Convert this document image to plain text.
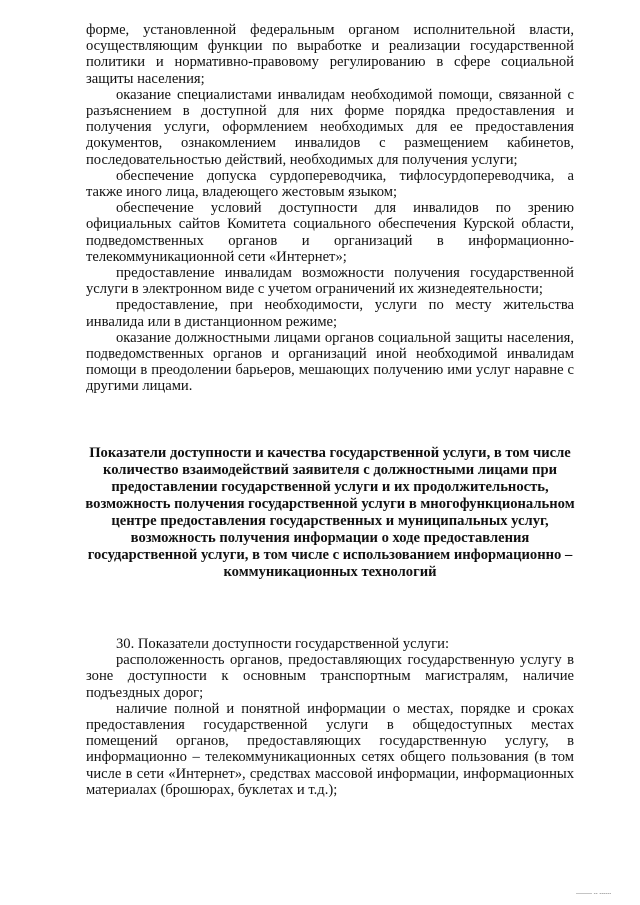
форме, установленной федеральным органом исполнительной власти, осуществляющим функции по выработке и реализации государственной политики и нормативно-правовому регулированию в сфере социальной защиты населения;

оказание специалистами инвалидам необходимой помощи, связанной с разъяснением в доступной для них форме порядка предоставления и получения услуги, оформлением необходимых для ее предоставления документов, ознакомлением инвалидов с размещением кабинетов, последовательностью действий, необходимых для получения услуги;

обеспечение допуска сурдопереводчика, тифлосурдопереводчика, а также иного лица, владеющего жестовым языком;

обеспечение условий доступности для инвалидов по зрению официальных сайтов Комитета социального обеспечения Курской области, подведомственных органов и организаций в информационно-телекоммуникационной сети «Интернет»;

предоставление инвалидам возможности получения государственной услуги в электронном виде с учетом ограничений их жизнедеятельности;

предоставление, при необходимости, услуги по месту жительства инвалида или в дистанционном режиме;

оказание должностными лицами органов социальной защиты населения, подведомственных органов и организаций иной необходимой инвалидам помощи в преодолении барьеров, мешающих получению ими услуг наравне с другими лицами.

Показатели доступности и качества государственной услуги, в том числе количество взаимодействий заявителя с должностными лицами при предоставлении государственной услуги и их продолжительность, возможность получения государственной услуги в многофункциональном центре предоставления государственных и муниципальных услуг, возможность получения информации о ходе предоставления государственной услуги, в том числе с использованием информационно – коммуникационных технологий

30. Показатели доступности государственной услуги:

расположенность органов, предоставляющих государственную услугу в зоне доступности к основным транспортным магистралям, наличие подъездных дорог;

наличие полной и понятной информации о местах, порядке и сроках предоставления государственной услуги в общедоступных местах помещений органов, предоставляющих государственную услугу, в информационно – телекоммуникационных сетях общего пользования (в том числе в сети «Интернет», средствах массовой информации, информационных материалах (брошюрах, буклетах и т.д.);

-------- -- ------
